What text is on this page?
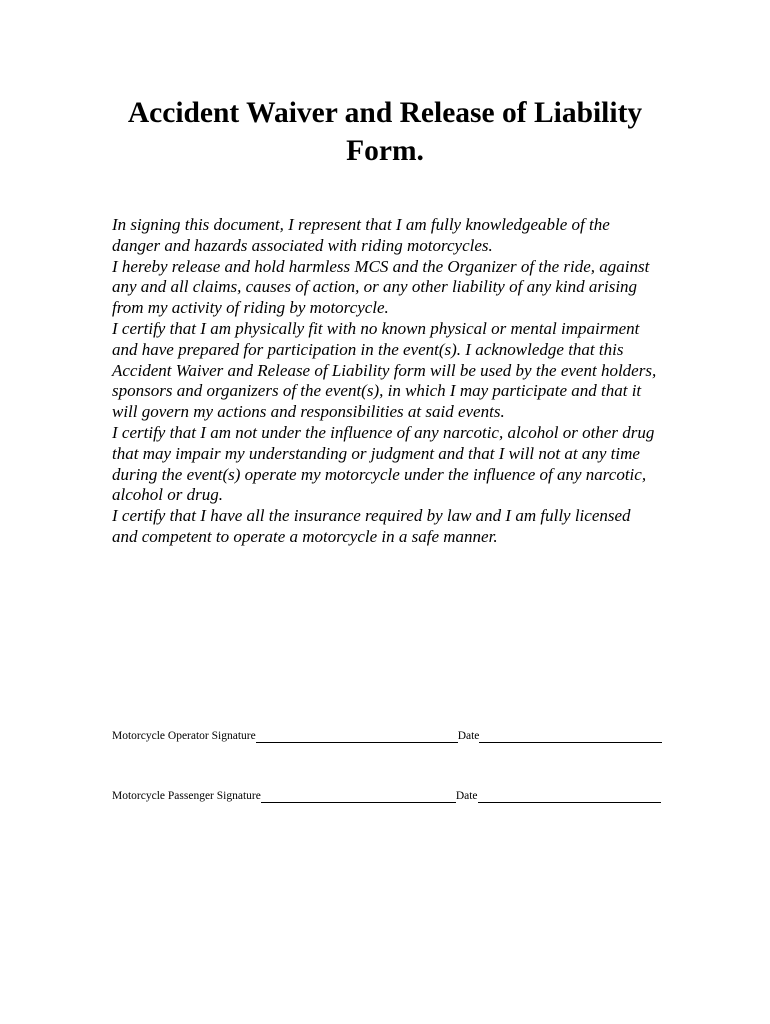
Accident Waiver and Release of Liability
Form.
In signing this document, I represent that I am fully knowledgeable of the
danger and hazards associated with riding motorcycles.
I hereby release and hold harmless MCS and the Organizer of the ride, against
any and all claims, causes of action, or any other liability of any kind arising
from my activity of riding by motorcycle.
I certify that I am physically fit with no known physical or mental impairment
and have prepared for participation in the event(s). I acknowledge that this
Accident Waiver and Release of Liability form will be used by the event holders,
sponsors and organizers of the event(s), in which I may participate and that it
will govern my actions and responsibilities at said events.
I certify that I am not under the influence of any narcotic, alcohol or other drug
that may impair my understanding or judgment and that I will not at any time
during the event(s) operate my motorcycle under the influence of any narcotic,
alcohol or drug.
I certify that I have all the insurance required by law and I am fully licensed
and competent to operate a motorcycle in a safe manner.
Motorcycle Operator Signature	Date
Motorcycle Passenger Signature	Date
